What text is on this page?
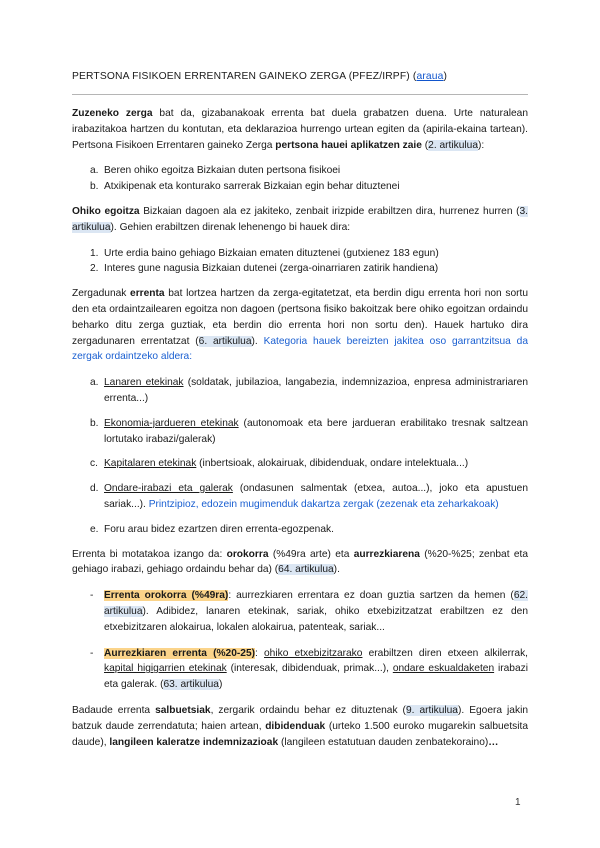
PERTSONA FISIKOEN ERRENTAREN GAINEKO ZERGA (PFEZ/IRPF) (araua)

Zuzeneko zerga bat da, gizabanakoak errenta bat duela grabatzen duena. Urte naturalean irabazitakoa hartzen du kontutan, eta deklarazioa hurrengo urtean egiten da (apirila-ekaina tartean). Pertsona Fisikoen Errentaren gaineko Zerga pertsona hauei aplikatzen zaie (2. artikulua):

a. Beren ohiko egoitza Bizkaian duten pertsona fisikoei
b. Atxikipenak eta konturako sarrerak Bizkaian egin behar dituztenei

Ohiko egoitza Bizkaian dagoen ala ez jakiteko, zenbait irizpide erabiltzen dira, hurrenez hurren (3. artikulua). Gehien erabiltzen direnak lehenengo bi hauek dira:

1. Urte erdia baino gehiago Bizkaian ematen dituztenei (gutxienez 183 egun)
2. Interes gune nagusia Bizkaian dutenei (zerga-oinarriaren zatirik handiena)

Zergadunak errenta bat lortzea hartzen da zerga-egitatetzat, eta berdin digu errenta hori non sortu den eta ordaintzailearen egoitza non dagoen (pertsona fisiko bakoitzak bere ohiko egoitzan ordaindu beharko ditu zerga guztiak, eta berdin dio errenta hori non sortu den). Hauek hartuko dira zergadunaren errentatzat (6. artikulua). Kategoria hauek bereizten jakitea oso garrantzitsua da zergak ordaintzeko aldera:

a. Lanaren etekinak (soldatak, jubilazioa, langabezia, indemnizazioa, enpresa administrariaren errenta...)
b. Ekonomia-jardueren etekinak (autonomoak eta bere jardueran erabilitako tresnak saltzean lortutako irabazi/galerak)
c. Kapitalaren etekinak (inbertsioak, alokairuak, dibidenduak, ondare intelektuala...)
d. Ondare-irabazi eta galerak (ondasunen salmentak (etxea, autoa...), joko eta apustuen sariak...). Printzipioz, edozein mugimenduk dakartza zergak (zezenak eta zeharkakoak)
e. Foru arau bidez ezartzen diren errenta-egozpenak.

Errenta bi motatakoa izango da: orokorra (%49ra arte) eta aurrezkiarena (%20-%25; zenbat eta gehiago irabazi, gehiago ordaindu behar da) (64. artikulua).

- Errenta orokorra (%49ra): aurrezkiaren errentara ez doan guztia sartzen da hemen (62. artikulua). Adibidez, lanaren etekinak, sariak, ohiko etxebizitzatzat erabiltzen ez den etxebizitzaren alokairua, lokalen alokairua, patenteak, sariak...
- Aurrezkiaren errenta (%20-25): ohiko etxebizitzarako erabiltzen diren etxeen alkilerrak, kapital higigarrien etekinak (interesak, dibidenduak, primak...), ondare eskualdaketen irabazi eta galerak. (63. artikulua)

Badaude errenta salbuetsiak, zergarik ordaindu behar ez dituztenak (9. artikulua). Egoera jakin batzuk daude zerrendatuta; haien artean, dibidenduak (urteko 1.500 euroko mugarekin salbuetsita daude), langileen kaleratze indemnizazioak (langileen estatutuan dauden zenbatekoraino)…

1
